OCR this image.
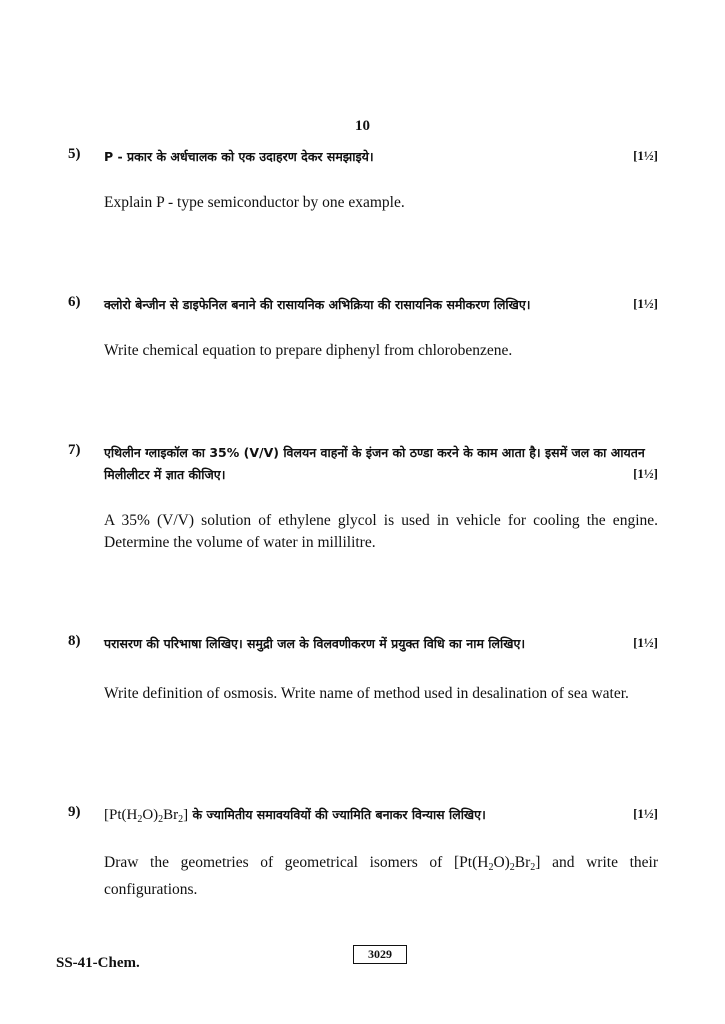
10
5) P - प्रकार के अर्धचालक को एक उदाहरण देकर समझाइये।	[1½]
Explain P - type semiconductor by one example.
6) क्लोरो बेन्जीन से डाइफेनिल बनाने की रासायनिक अभिक्रिया की रासायनिक समीकरण लिखिए।	[1½]
Write chemical equation to prepare diphenyl from chlorobenzene.
7) एथिलीन ग्लाइकॉल का 35% (V/V) विलयन वाहनों के इंजन को ठण्डा करने के काम आता है। इसमें जल का आयतन मिलीलीटर में ज्ञात कीजिए।	[1½]
A 35% (V/V) solution of ethylene glycol is used in vehicle for cooling the engine. Determine the volume of water in millilitre.
8) परासरण की परिभाषा लिखिए। समुद्री जल के विलवणीकरण में प्रयुक्त विधि का नाम लिखिए।	[1½]
Write definition of osmosis. Write name of method used in desalination of sea water.
9) $[Pt(H_2O)_2Br_2]$ के ज्यामितीय समावयवियों की ज्यामिति बनाकर विन्यास लिखिए।	[1½]
Draw the geometries of geometrical isomers of $[Pt(H_2O)_2Br_2]$ and write their configurations.
3029
SS-41-Chem.
